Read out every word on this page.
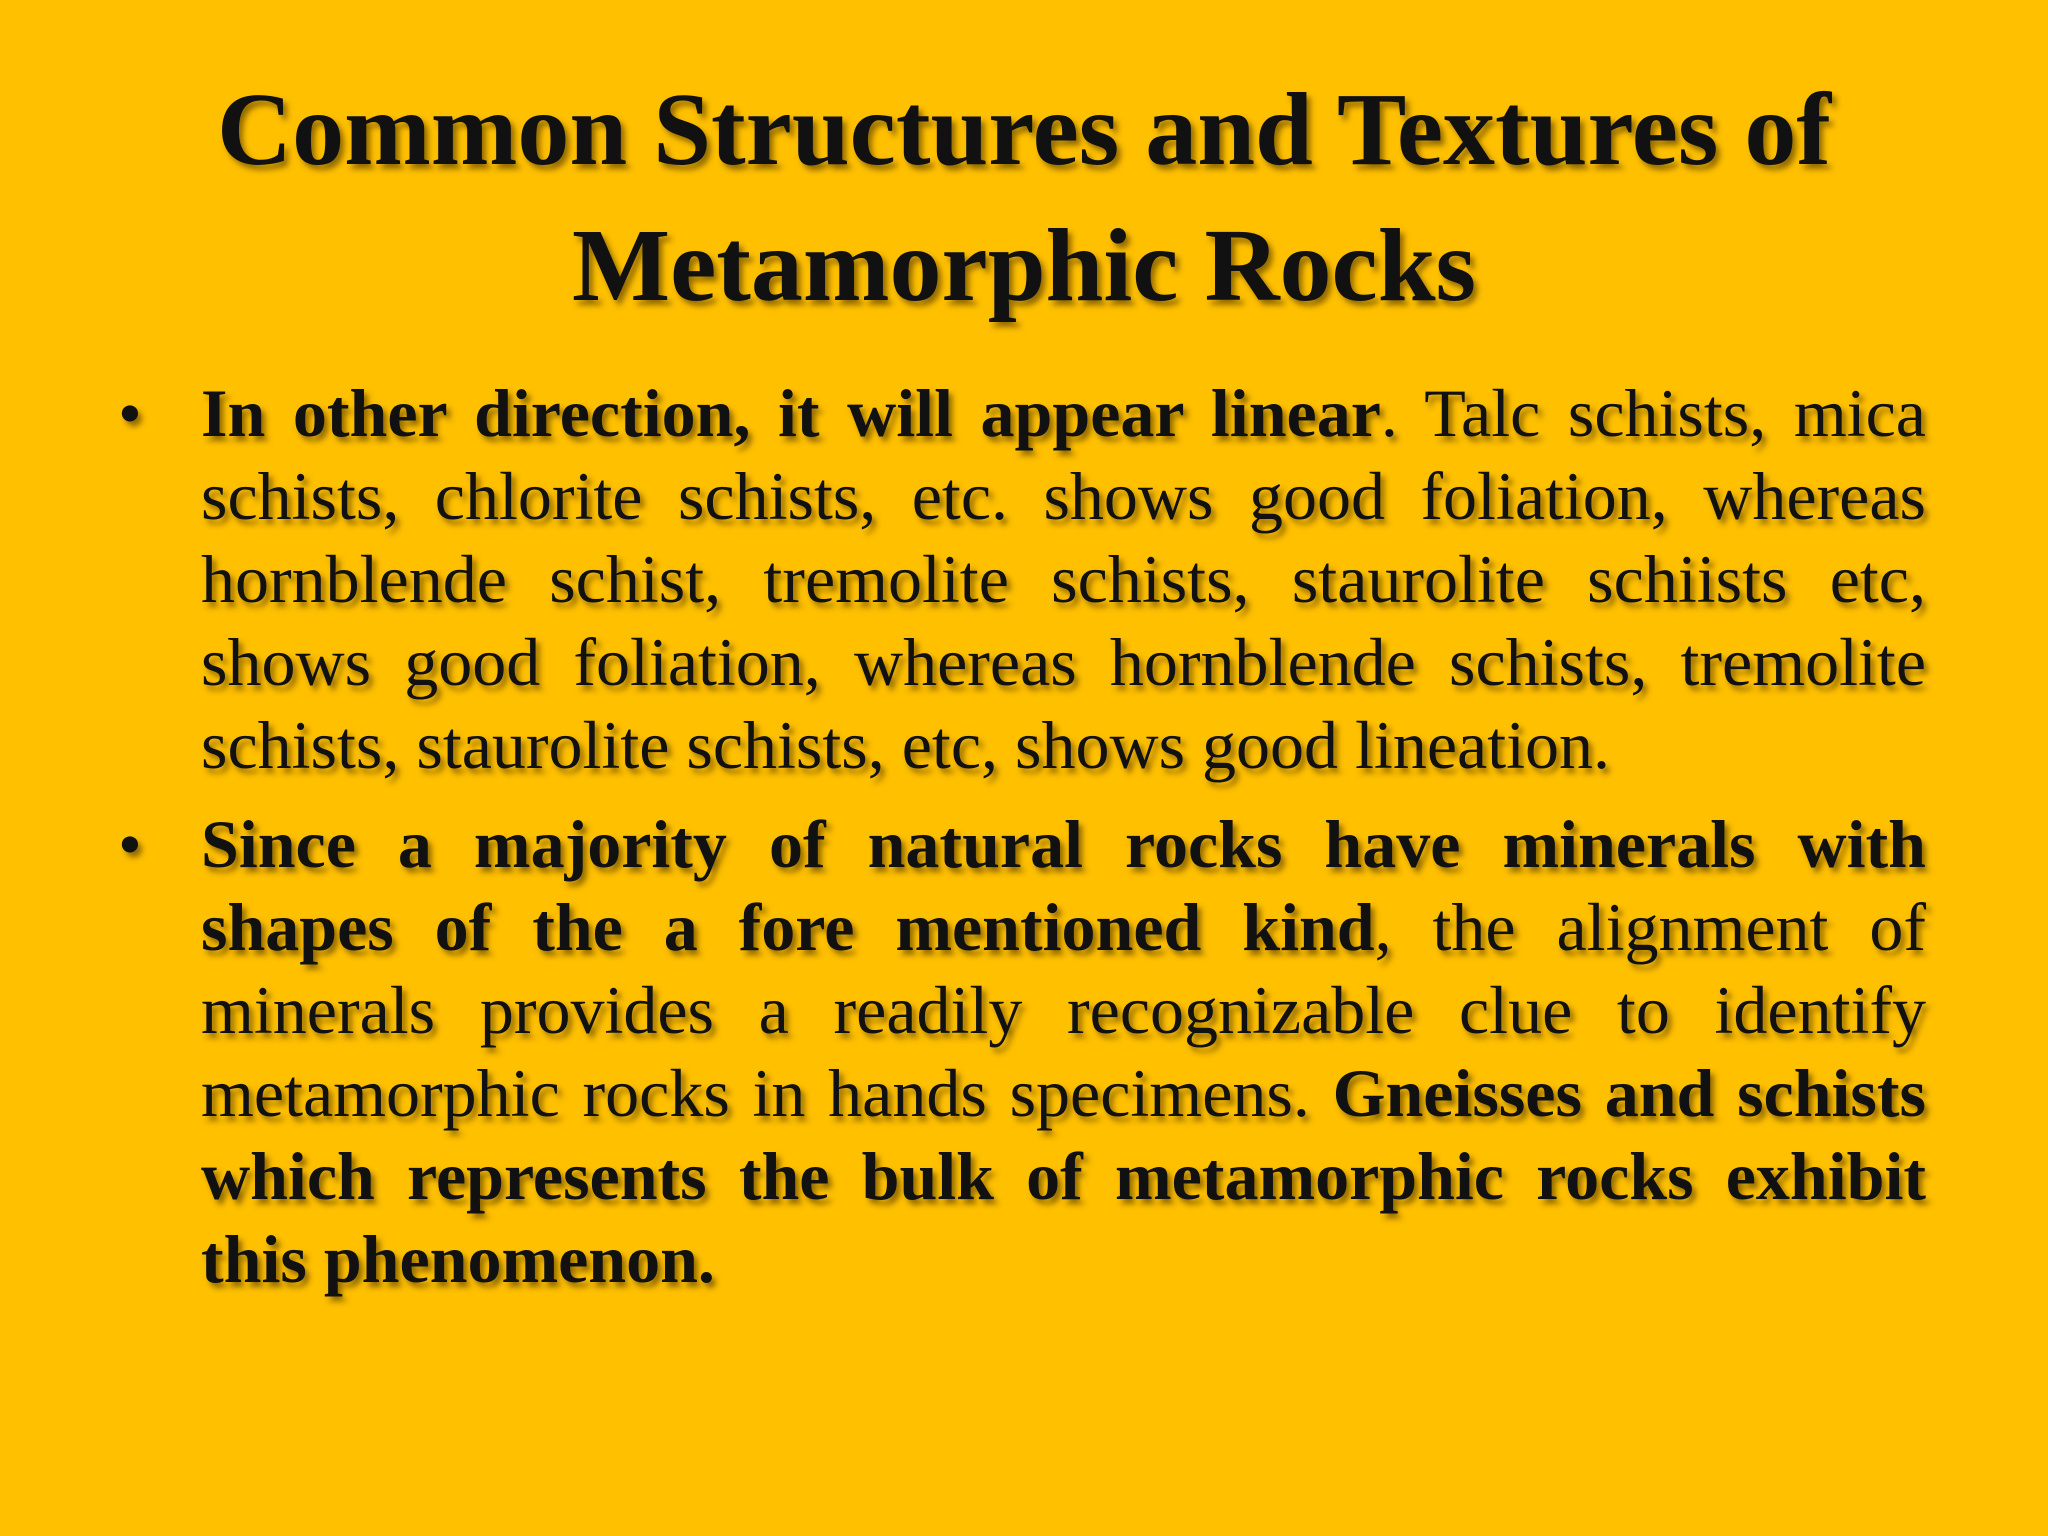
Common Structures and Textures of Metamorphic Rocks
• In other direction, it will appear linear. Talc schists, mica schists, chlorite schists, etc. shows good foliation, whereas hornblende schist, tremolite schists, staurolite schiists etc, shows good foliation, whereas hornblende schists, tremolite schists, staurolite schists, etc, shows good lineation.
• Since a majority of natural rocks have minerals with shapes of the a fore mentioned kind, the alignment of minerals provides a readily recognizable clue to identify metamorphic rocks in hands specimens. Gneisses and schists which represents the bulk of metamorphic rocks exhibit this phenomenon.
